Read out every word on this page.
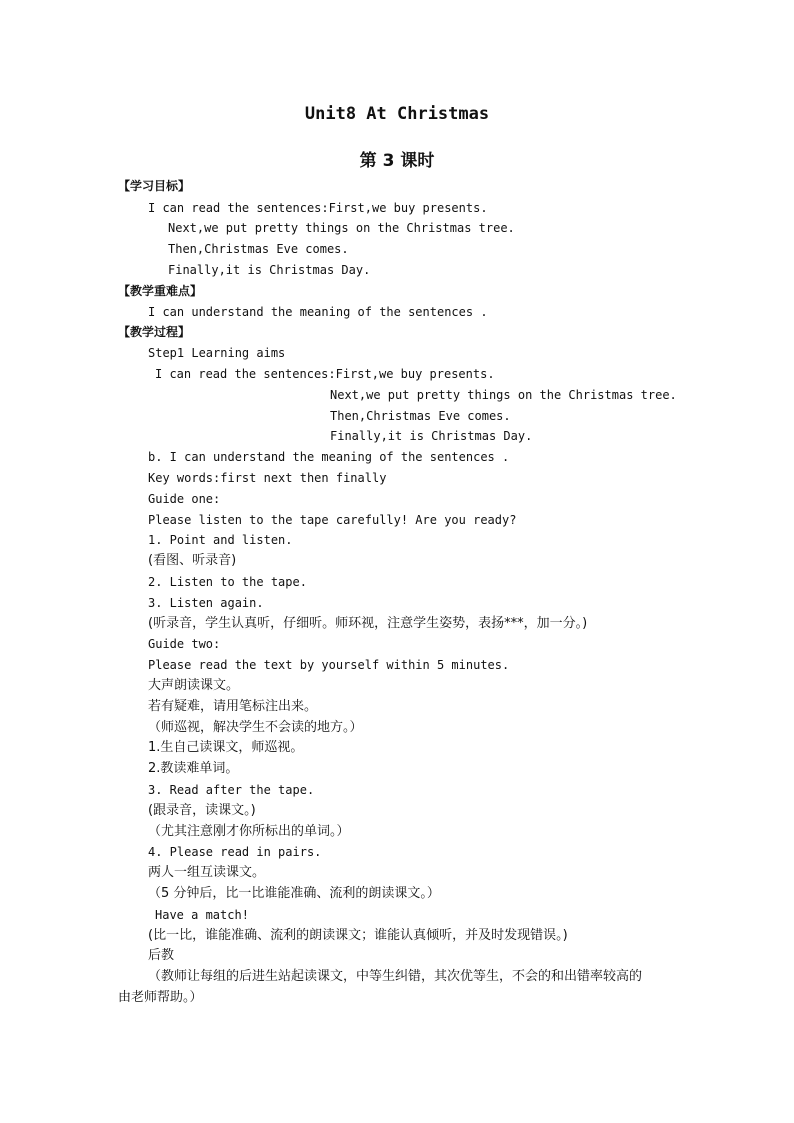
Unit8 At Christmas
第 3 课时
【学习目标】
I can read the sentences:First,we buy presents.
Next,we put pretty things on the Christmas tree.
Then,Christmas Eve comes.
Finally,it is Christmas Day.
【教学重难点】
I can understand the meaning of the sentences .
【教学过程】
Step1 Learning aims
I can read the sentences:First,we buy presents.
Next,we put pretty things on the Christmas tree.
Then,Christmas Eve comes.
Finally,it is Christmas Day.
b. I can understand the meaning of the sentences .
Key words:first next then finally
Guide one:
Please listen to the tape carefully! Are you ready?
1. Point and listen.
(看图、听录音)
2. Listen to the tape.
3. Listen again.
(听录音，学生认真听，仔细听。师环视，注意学生姿势，表扬***，加一分。)
Guide two:
Please read the text by yourself within 5 minutes.
大声朗读课文。
若有疑难，请用笔标注出来。
（师巡视，解决学生不会读的地方。）
1.生自己读课文，师巡视。
2.教读难单词。
3. Read after the tape.
(跟录音，读课文。)
（尤其注意刚才你所标出的单词。）
4. Please read in pairs.
两人一组互读课文。
（5 分钟后，比一比谁能准确、流利的朗读课文。）
Have a match!
(比一比，谁能准确、流利的朗读课文；谁能认真倾听，并及时发现错误。)
后教
（教师让每组的后进生站起读课文，中等生纠错，其次优等生，不会的和出错率较高的
由老师帮助。）
